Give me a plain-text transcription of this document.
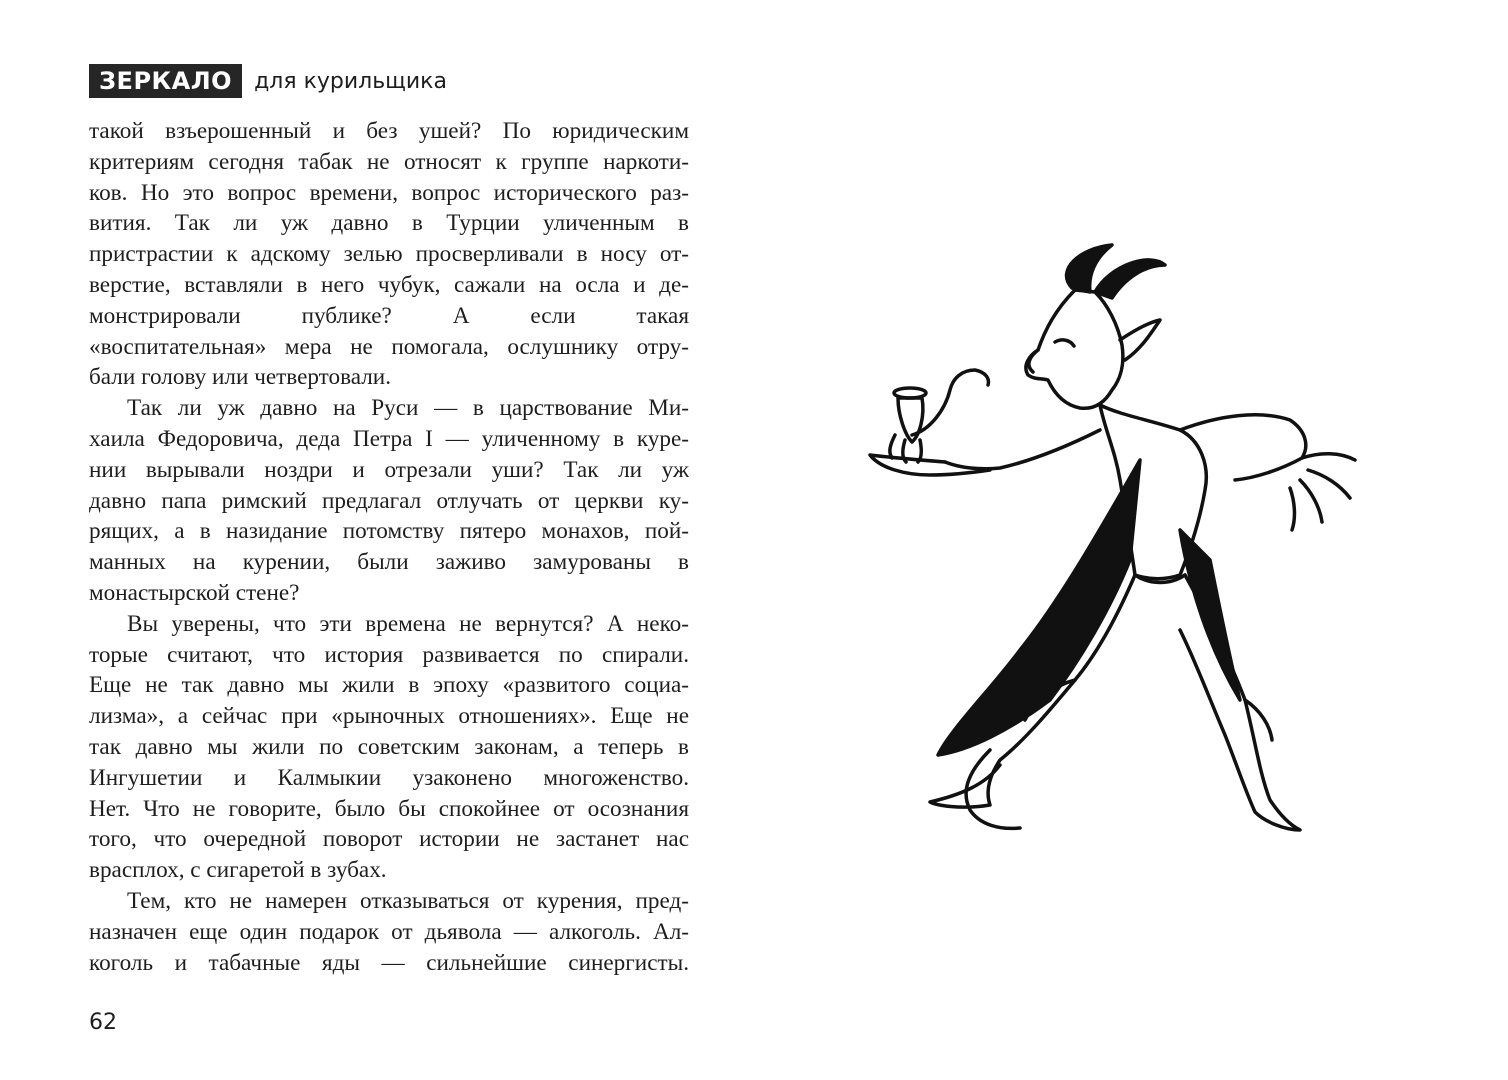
ЗЕРКАЛО	для курильщика
такой взъерошенный и без ушей? По юридическим
критериям сегодня табак не относят к группе наркоти-
ков. Но это вопрос времени, вопрос исторического раз-
вития. Так ли уж давно в Турции уличенным в
пристрастии к адскому зелью просверливали в носу от-
верстие, вставляли в него чубук, сажали на осла и де-
монстрировали публике? А если такая
«воспитательная» мера не помогала, ослушнику отру-
бали голову или четвертовали.
Так ли уж давно на Руси — в царствование Ми-
хаила Федоровича, деда Петра I — уличенному в куре-
нии вырывали ноздри и отрезали уши? Так ли уж
давно папа римский предлагал отлучать от церкви ку-
рящих, а в назидание потомству пятеро монахов, пой-
манных на курении, были заживо замурованы в
монастырской стене?
Вы уверены, что эти времена не вернутся? А неко-
торые считают, что история развивается по спирали.
Еще не так давно мы жили в эпоху «развитого социа-
лизма», а сейчас при «рыночных отношениях». Еще не
так давно мы жили по советским законам, а теперь в
Ингушетии и Калмыкии узаконено многоженство.
Нет. Что не говорите, было бы спокойнее от осознания
того, что очередной поворот истории не застанет нас
врасплох, с сигаретой в зубах.
Тем, кто не намерен отказываться от курения, пред-
назначен еще один подарок от дьявола — алкоголь. Ал-
коголь и табачные яды — сильнейшие синергисты.
62
